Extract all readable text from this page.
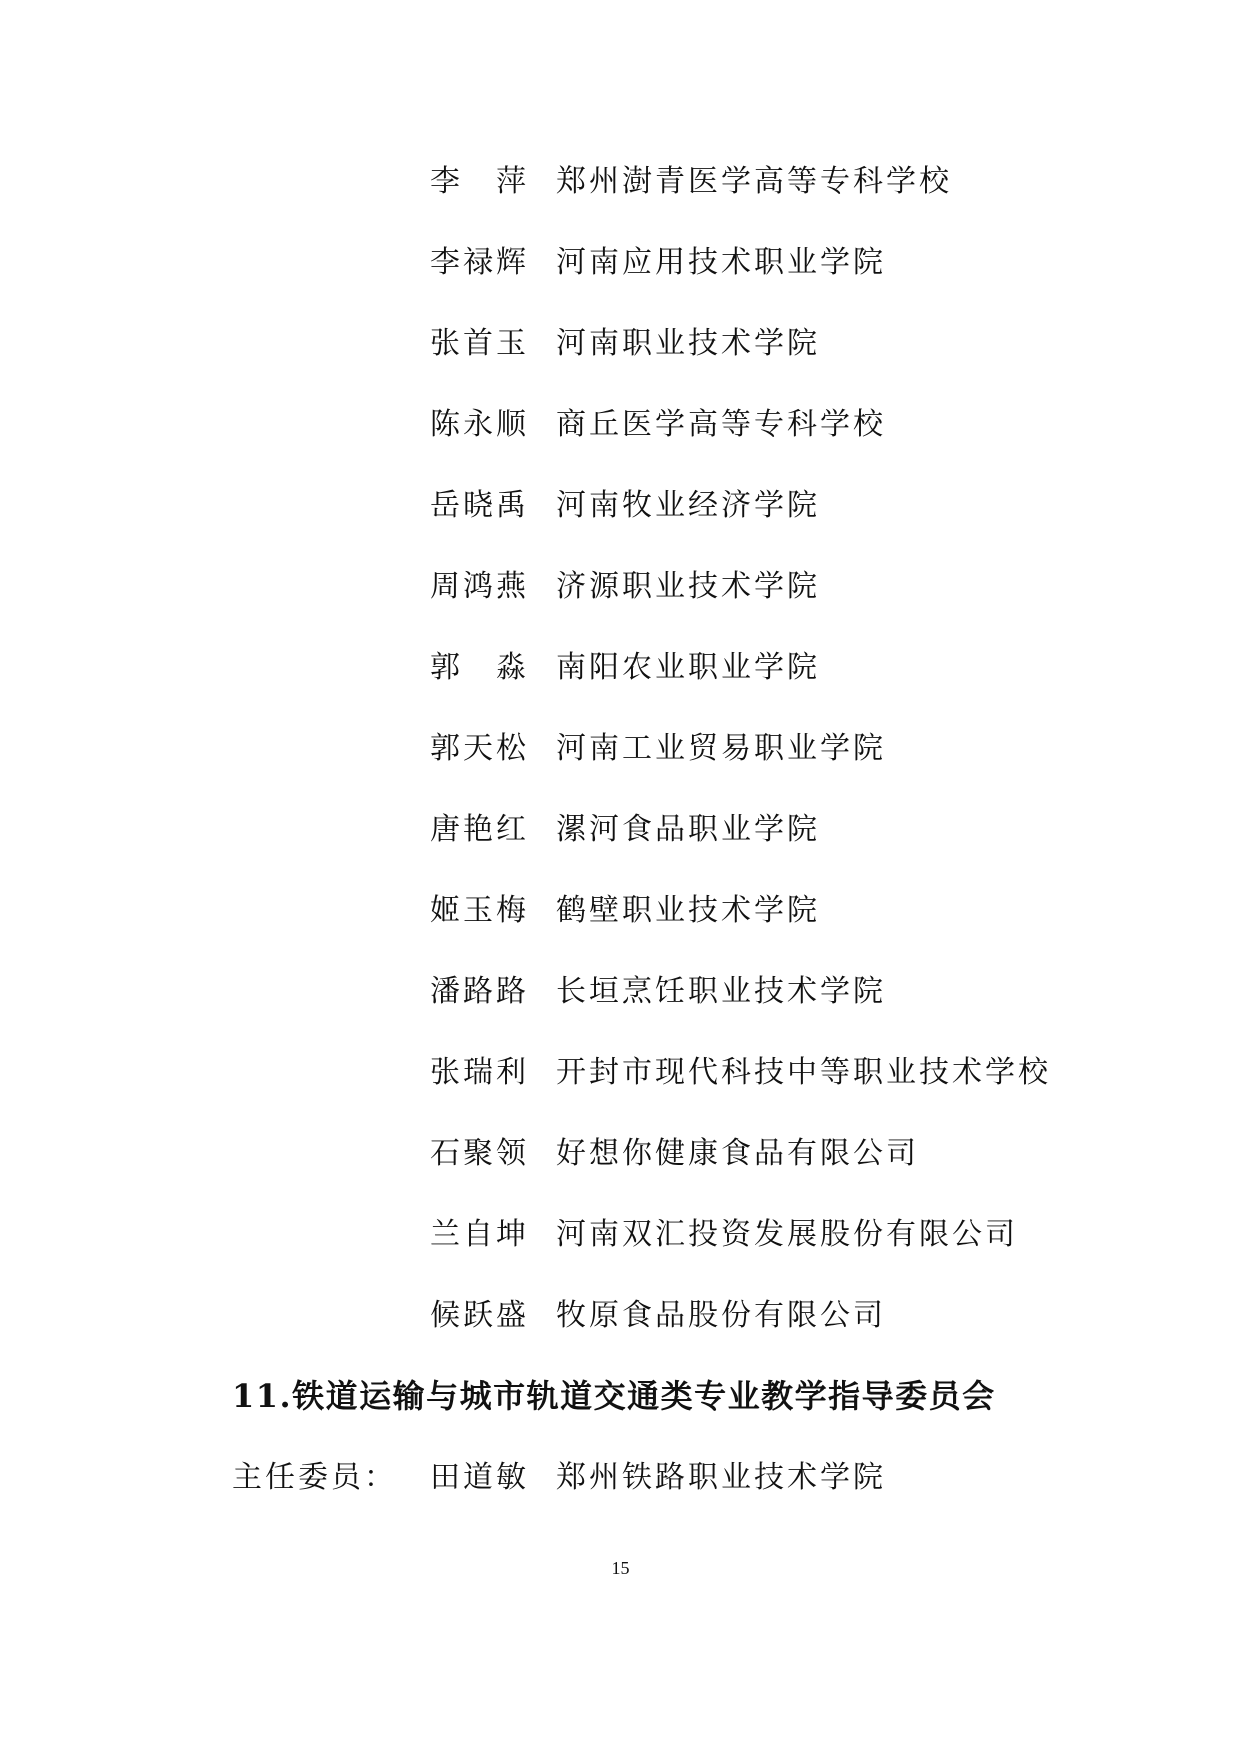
李　萍 郑州澍青医学高等专科学校
李禄辉 河南应用技术职业学院
张首玉 河南职业技术学院
陈永顺 商丘医学高等专科学校
岳晓禹 河南牧业经济学院
周鸿燕 济源职业技术学院
郭　淼 南阳农业职业学院
郭天松 河南工业贸易职业学院
唐艳红 漯河食品职业学院
姬玉梅 鹤壁职业技术学院
潘路路 长垣烹饪职业技术学院
张瑞利 开封市现代科技中等职业技术学校
石聚领 好想你健康食品有限公司
兰自坤 河南双汇投资发展股份有限公司
候跃盛 牧原食品股份有限公司
11.铁道运输与城市轨道交通类专业教学指导委员会
主任委员： 田道敏 郑州铁路职业技术学院
15
